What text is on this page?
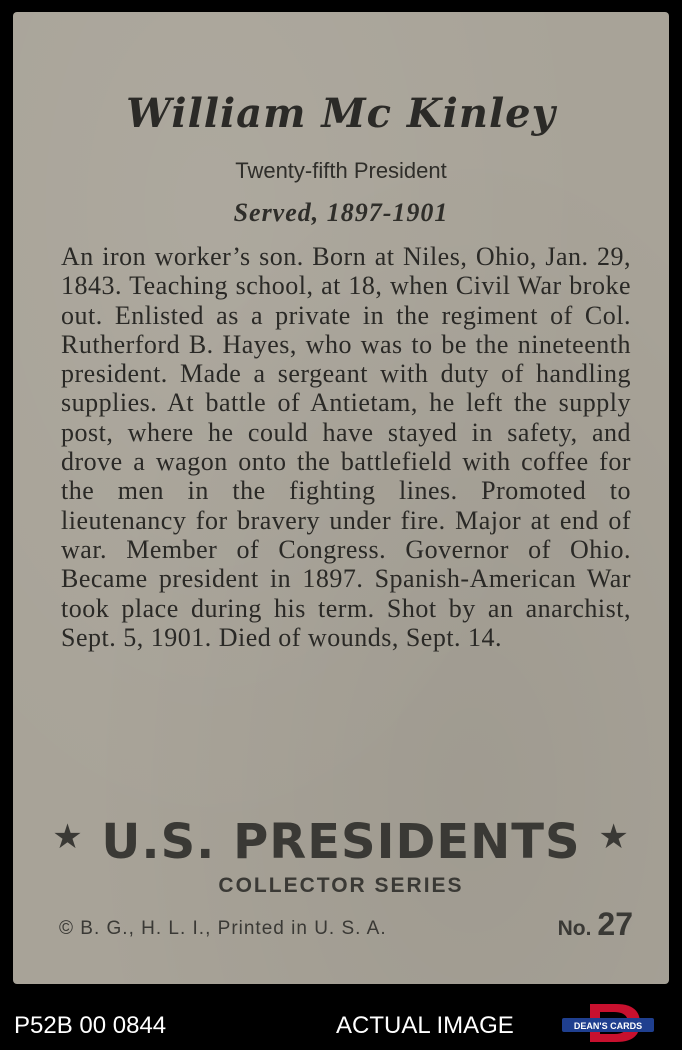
William Mc Kinley
Twenty-fifth President
Served, 1897-1901

An iron worker’s son. Born at Niles, Ohio, Jan. 29, 1843. Teaching school, at 18, when Civil War broke out. Enlisted as a private in the regiment of Col. Rutherford B. Hayes, who was to be the nineteenth president. Made a sergeant with duty of handling supplies. At battle of Antietam, he left the supply post, where he could have stayed in safety, and drove a wagon onto the battlefield with coffee for the men in the fighting lines. Promoted to lieutenancy for bravery under fire. Major at end of war. Member of Congress. Governor of Ohio. Became president in 1897. Spanish-American War took place during his term. Shot by an anarchist, Sept. 5, 1901. Died of wounds, Sept. 14.

★ U.S. PRESIDENTS ★
COLLECTOR SERIES
© B. G., H. L. I., Printed in U. S. A.	No. 27
P52B 00 0844	ACTUAL IMAGE	DEAN'S CARDS
